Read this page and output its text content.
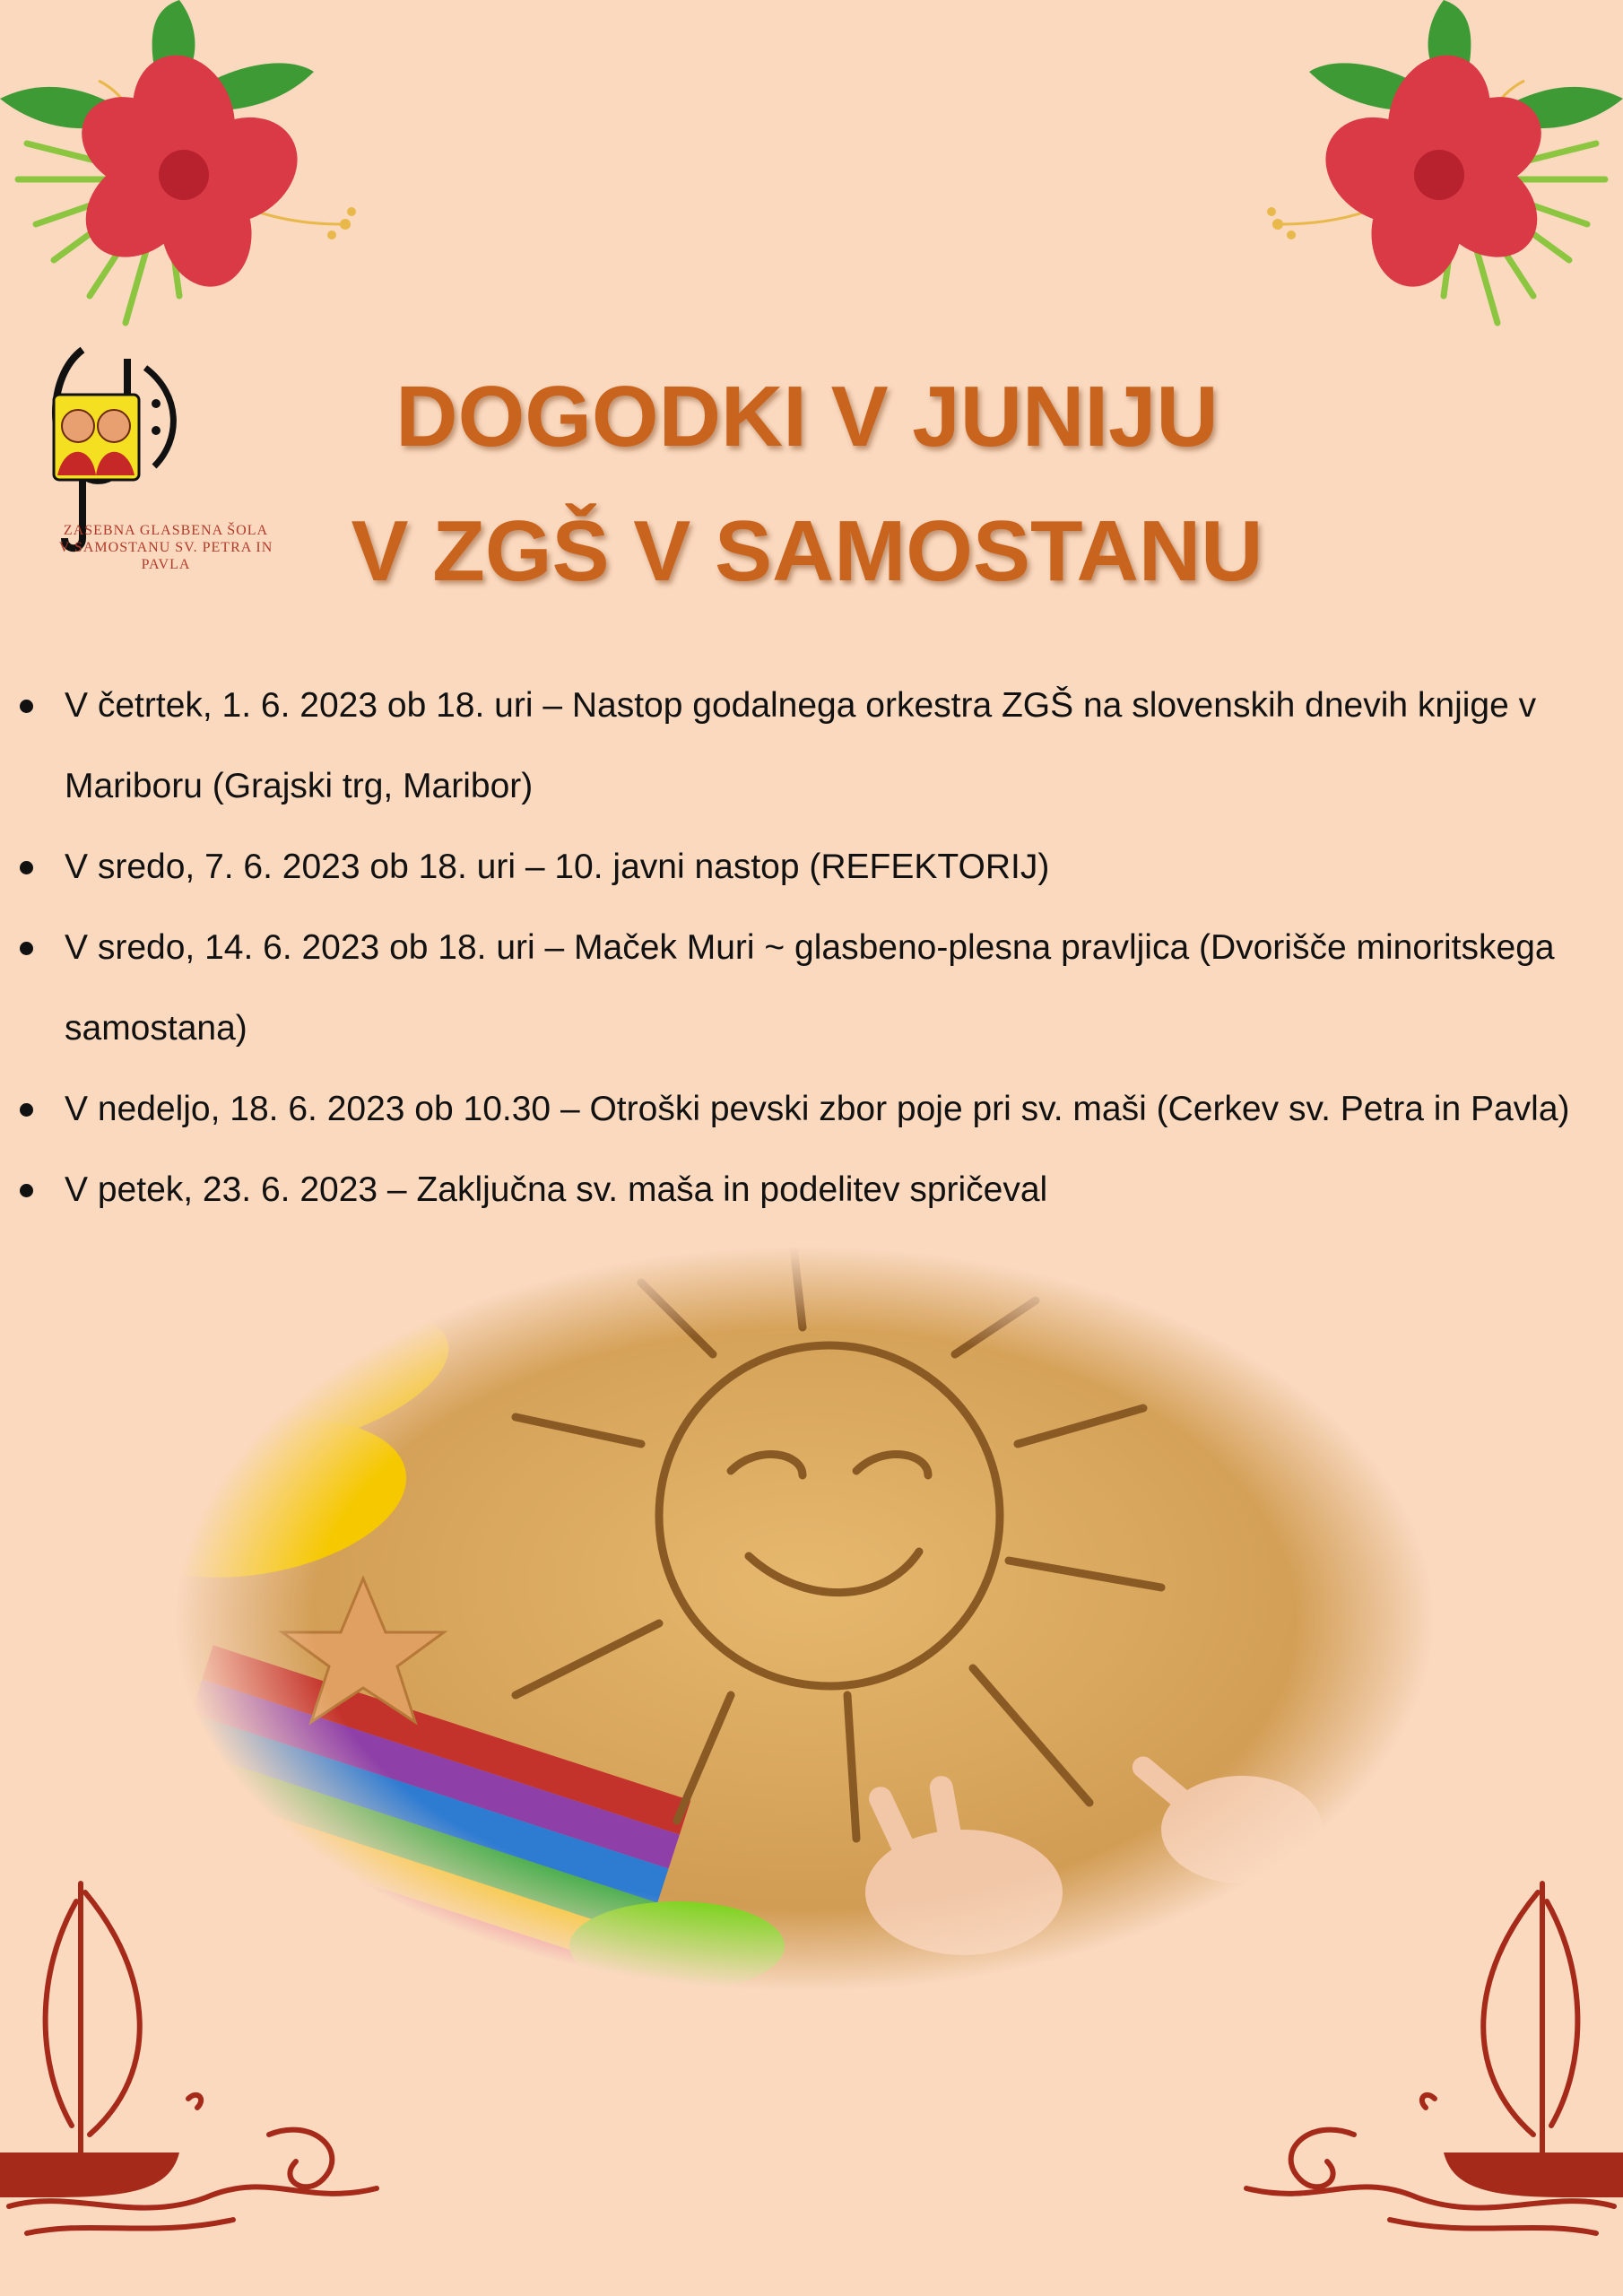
ZASEBNA GLASBENA ŠOLA
V SAMOSTANU SV. PETRA IN PAVLA
DOGODKI V JUNIJU
V ZGŠ V SAMOSTANU
V četrtek, 1. 6. 2023 ob 18. uri – Nastop godalnega orkestra ZGŠ na slovenskih dnevih knjige v Mariboru (Grajski trg, Maribor)
V sredo, 7. 6. 2023 ob 18. uri – 10. javni nastop (REFEKTORIJ)
V sredo, 14. 6. 2023 ob 18. uri – Maček Muri ~ glasbeno-plesna pravljica (Dvorišče minoritskega samostana)
V nedeljo, 18. 6. 2023 ob 10.30 – Otroški pevski zbor poje pri sv. maši (Cerkev sv. Petra in Pavla)
V petek, 23. 6. 2023 – Zaključna sv. maša in podelitev spričeval
